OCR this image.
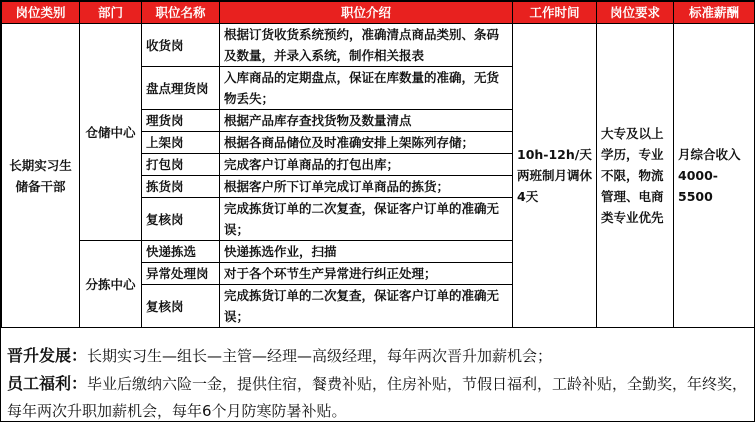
岗位类别	部门	职位名称	职位介绍	工作时间	岗位要求	标准薪酬
长期实习生储备干部	仓储中心	收货岗	根据订货收货系统预约，准确清点商品类别、条码及数量，并录入系统，制作相关报表	10h-12h/天两班制月调休4天	大专及以上学历，专业不限，物流管理、电商类专业优先	月综合收入4000-5500
		盘点理货岗	入库商品的定期盘点，保证在库数量的准确，无货物丢失；			
		理货岗	根据产品库存查找货物及数量清点			
		上架岗	根据各商品储位及时准确安排上架陈列存储；			
		打包岗	完成客户订单商品的打包出库；			
		拣货岗	根据客户所下订单完成订单商品的拣货；			
		复核岗	完成拣货订单的二次复查，保证客户订单的准确无误；			
	分拣中心	快递拣选	快递拣选作业，扫描			
		异常处理岗	对于各个环节生产异常进行纠正处理；			
		复核岗	完成拣货订单的二次复查，保证客户订单的准确无误；			
晋升发展：长期实习生—组长—主管—经理—高级经理，每年两次晋升加薪机会；
员工福利：毕业后缴纳六险一金，提供住宿，餐费补贴，住房补贴，节假日福利，工龄补贴，全勤奖，年终奖，每年两次升职加薪机会，每年6个月防寒防暑补贴。
